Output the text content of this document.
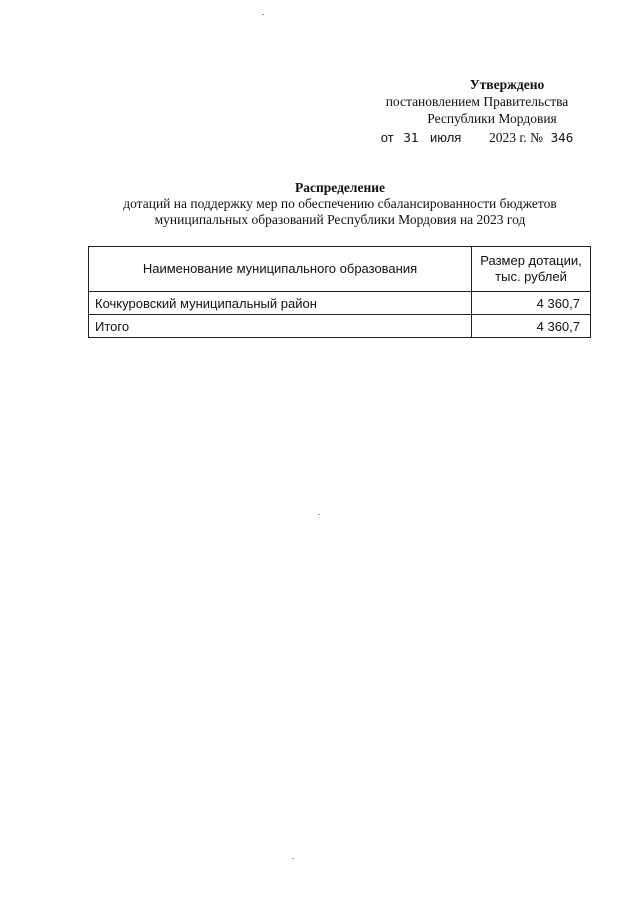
Утверждено
постановлением Правительства
Республики Мордовия
от 31 июля 2023 г. № 346
Распределение
дотаций на поддержку мер по обеспечению сбалансированности бюджетов
муниципальных образований Республики Мордовия на 2023 год
Наименование муниципального образования	Размер дотации,
тыс. рублей

Кочкуровский муниципальный район	4 360,7
Итого	4 360,7
